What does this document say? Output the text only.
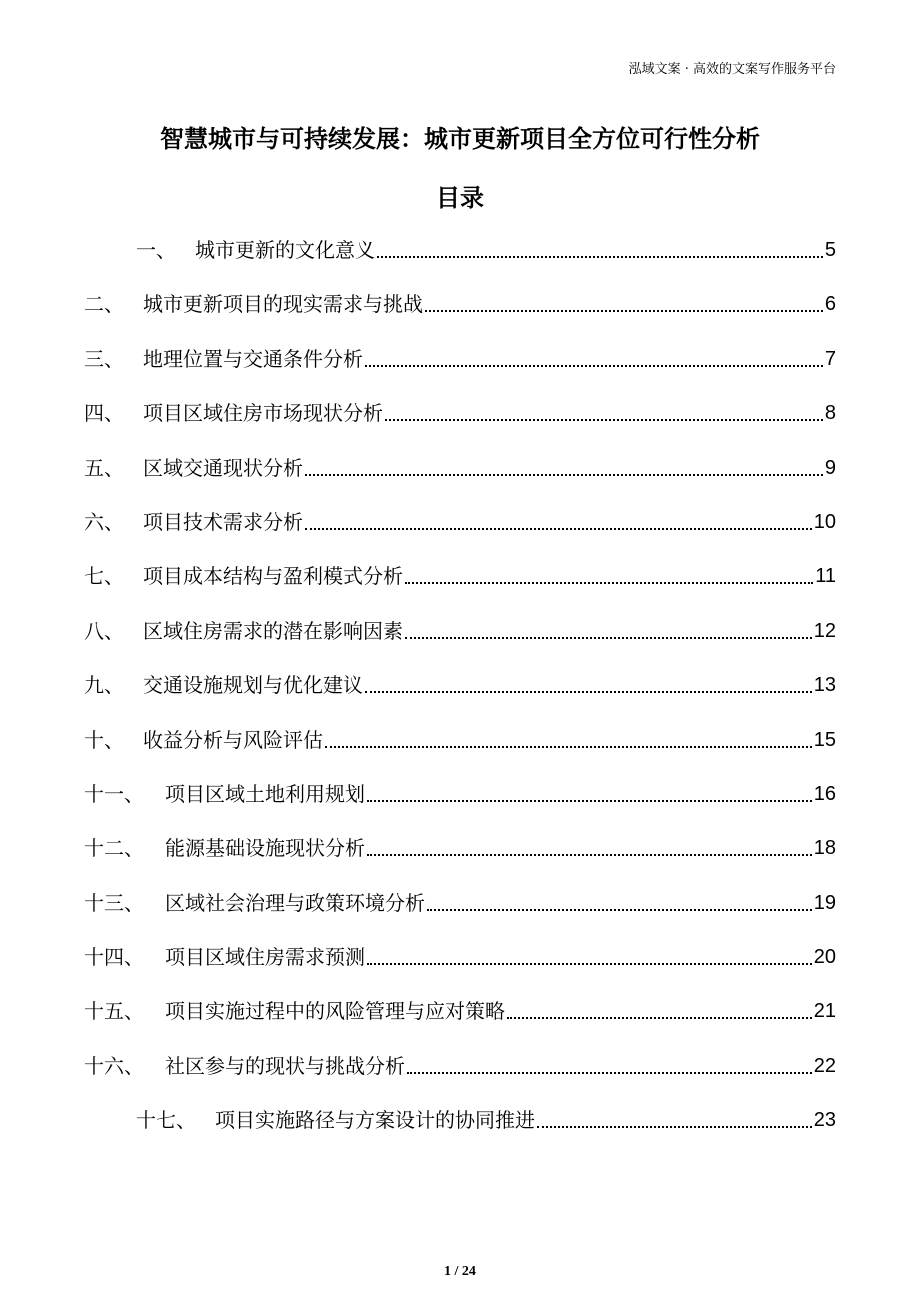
泓域文案 · 高效的文案写作服务平台
智慧城市与可持续发展：城市更新项目全方位可行性分析
目录
一、 城市更新的文化意义	5
二、 城市更新项目的现实需求与挑战	6
三、 地理位置与交通条件分析	7
四、 项目区域住房市场现状分析	8
五、 区域交通现状分析	9
六、 项目技术需求分析	10
七、 项目成本结构与盈利模式分析	11
八、 区域住房需求的潜在影响因素	12
九、 交通设施规划与优化建议	13
十、 收益分析与风险评估	15
十一、	项目区域土地利用规划	16
十二、	能源基础设施现状分析	18
十三、	区域社会治理与政策环境分析	19
十四、	项目区域住房需求预测	20
十五、	项目实施过程中的风险管理与应对策略	21
十六、	社区参与的现状与挑战分析	22
十七、 项目实施路径与方案设计的协同推进	23
1 / 24
